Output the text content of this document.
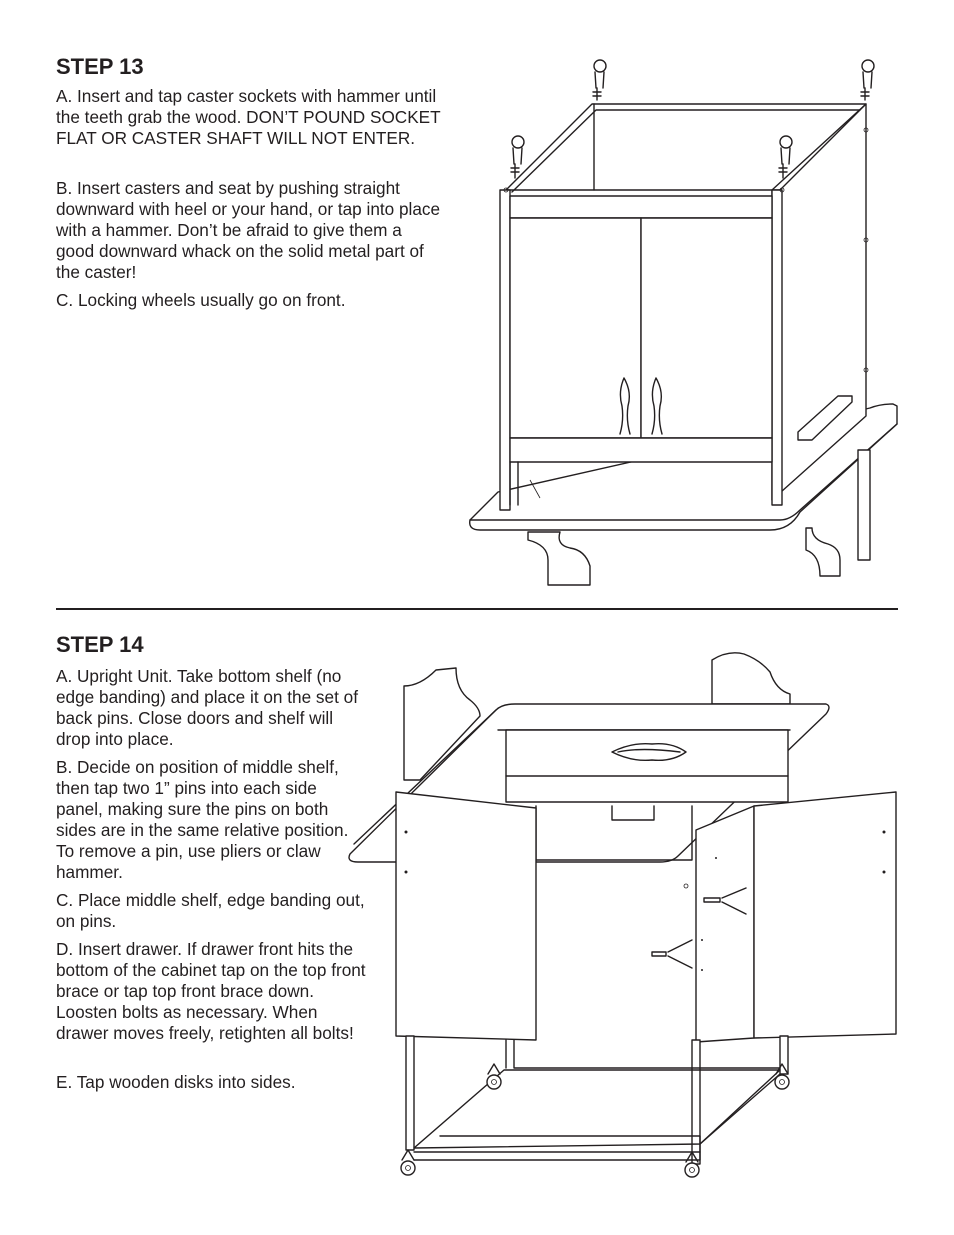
STEP 13

A. Insert and tap caster sockets with hammer until the teeth grab the wood. DON’T POUND SOCKET FLAT OR CASTER SHAFT WILL NOT ENTER.

B. Insert casters and seat by pushing straight downward with heel or your hand, or tap into place with a hammer. Don’t be afraid to give them a good downward whack on the solid metal part of the caster!

C. Locking wheels usually go on front.

STEP 14

A. Upright Unit. Take bottom shelf (no edge banding) and place it on the set of back pins. Close doors and shelf will drop into place.

B. Decide on position of middle shelf, then tap two 1” pins into each side panel, making sure the pins on both sides are in the same relative position. To remove a pin, use pliers or claw hammer.

C. Place middle shelf, edge banding out, on pins.

D. Insert drawer. If drawer front hits the bottom of the cabinet tap on the top front brace or tap top front brace down. Loosten bolts as necessary. When drawer moves freely, retighten all bolts!

E. Tap wooden disks into sides.
